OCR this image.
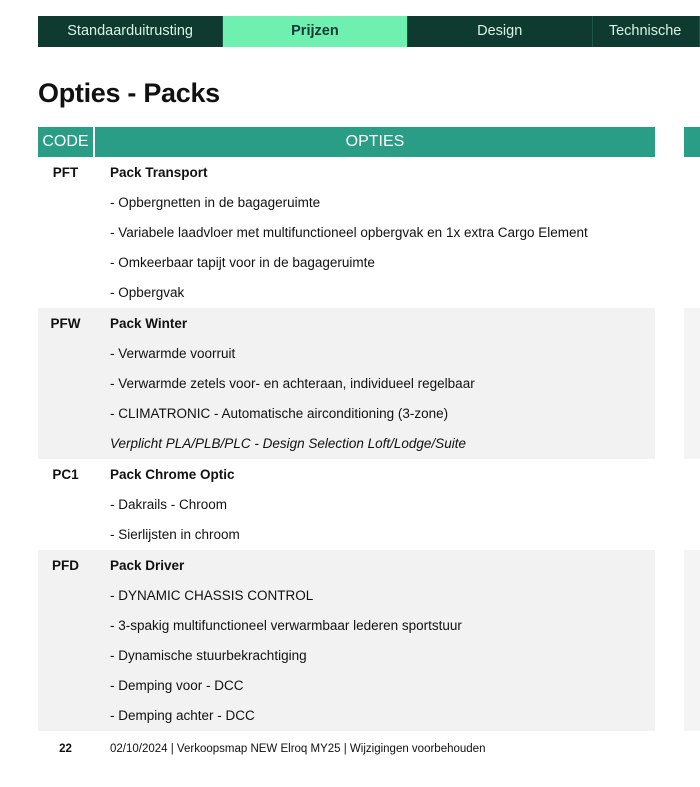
Standaarduitrusting	Prijzen	Design	Technische
Opties - Packs
CODE	OPTIES
PFT	Pack Transport
- Opbergnetten in de bagageruimte
- Variabele laadvloer met multifunctioneel opbergvak en 1x extra Cargo Element
- Omkeerbaar tapijt voor in de bagageruimte
- Opbergvak
PFW	Pack Winter
- Verwarmde voorruit
- Verwarmde zetels voor- en achteraan, individueel regelbaar
- CLIMATRONIC - Automatische airconditioning (3-zone)
Verplicht PLA/PLB/PLC - Design Selection Loft/Lodge/Suite
PC1	Pack Chrome Optic
- Dakrails - Chroom
- Sierlijsten in chroom
PFD	Pack Driver
- DYNAMIC CHASSIS CONTROL
- 3-spakig multifunctioneel verwarmbaar lederen sportstuur
- Dynamische stuurbekrachtiging
- Demping voor - DCC
- Demping achter - DCC
22	02/10/2024 | Verkoopsmap NEW Elroq MY25 | Wijzigingen voorbehouden
